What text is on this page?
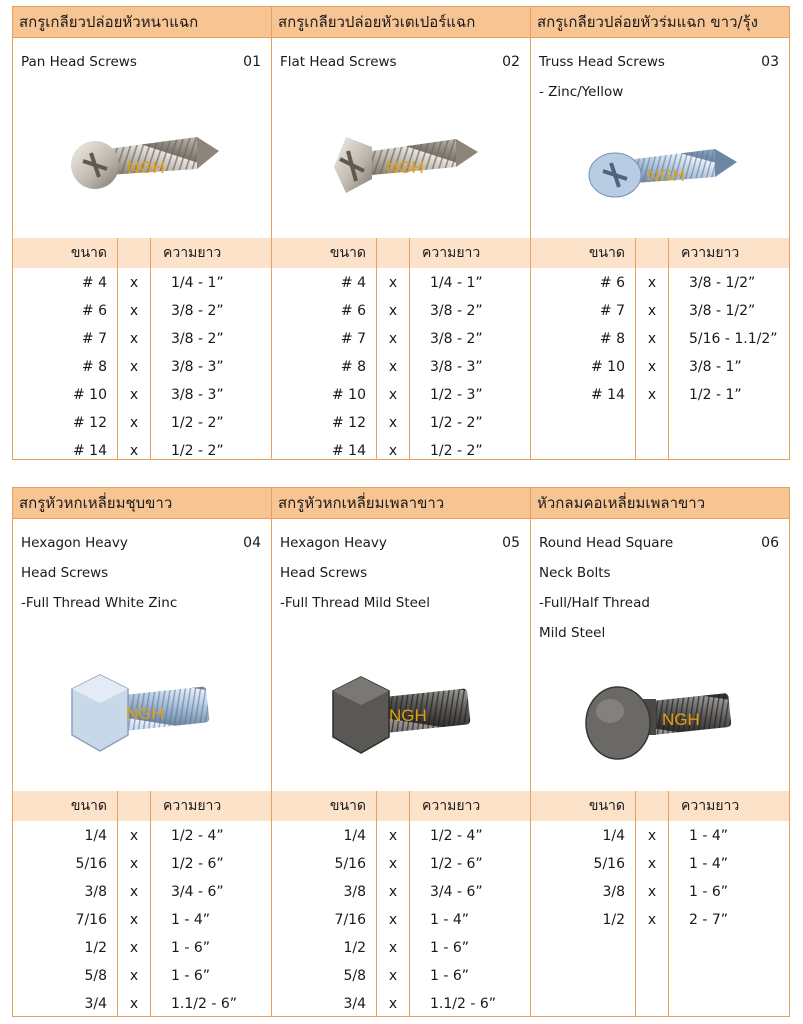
สกรูเกลียวปล่อยหัวหนาแฉก
Pan Head Screws	01
NGH
ขนาด	ความยาว
# 4	x	1/4 - 1”
# 6	x	3/8 - 2”
# 7	x	3/8 - 2”
# 8	x	3/8 - 3”
# 10	x	3/8 - 3”
# 12	x	1/2 - 2”
# 14	x	1/2 - 2”
สกรูเกลียวปล่อยหัวเตเปอร์แฉก
Flat Head Screws	02
NGH
ขนาด	ความยาว
# 4	x	1/4 - 1”
# 6	x	3/8 - 2”
# 7	x	3/8 - 2”
# 8	x	3/8 - 3”
# 10	x	1/2 - 3”
# 12	x	1/2 - 2”
# 14	x	1/2 - 2”
สกรูเกลียวปล่อยหัวร่มแฉก ขาว/รุ้ง
Truss Head Screws
- Zinc/Yellow
03
NGH
ขนาด	ความยาว
# 6	x	3/8 - 1/2”
# 7	x	3/8 - 1/2”
# 8	x	5/16 - 1.1/2”
# 10	x	3/8 - 1”
# 14	x	1/2 - 1”
สกรูหัวหกเหลี่ยมชุบขาว
Hexagon Heavy
Head Screws
-Full Thread White Zinc
04
NGH
ขนาด	ความยาว
1/4	x	1/2 - 4”
5/16	x	1/2 - 6”
3/8	x	3/4 - 6”
7/16	x	1 - 4”
1/2	x	1 - 6”
5/8	x	1 - 6”
3/4	x	1.1/2 - 6”
สกรูหัวหกเหลี่ยมเพลาขาว
Hexagon Heavy
Head Screws
-Full Thread Mild Steel
05
NGH
ขนาด	ความยาว
1/4	x	1/2 - 4”
5/16	x	1/2 - 6”
3/8	x	3/4 - 6”
7/16	x	1 - 4”
1/2	x	1 - 6”
5/8	x	1 - 6”
3/4	x	1.1/2 - 6”
หัวกลมคอเหลี่ยมเพลาขาว
Round Head Square
Neck Bolts
-Full/Half Thread
Mild Steel
06
NGH
ขนาด	ความยาว
1/4	x	1 - 4”
5/16	x	1 - 4”
3/8	x	1 - 6”
1/2	x	2 - 7”
